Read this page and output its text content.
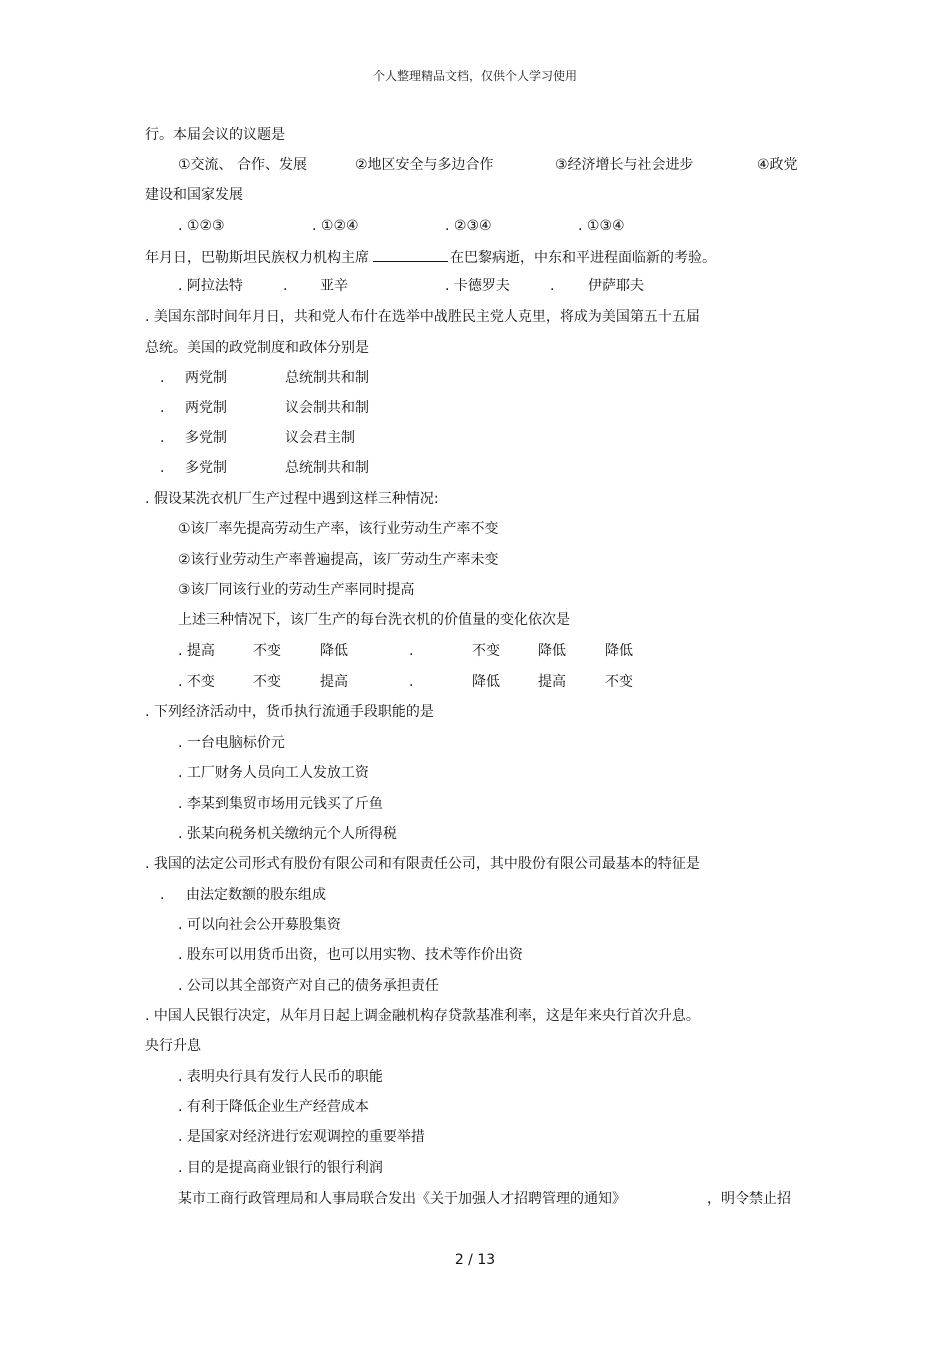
个人整理精品文档，仅供个人学习使用
行。本届会议的议题是
①交流、 合作、发展	②地区安全与多边合作	③经济增长与社会进步	④政党
建设和国家发展
. ①②③	. ①②④	. ②③④	. ①③④
年月日，巴勒斯坦民族权力机构主席	在巴黎病逝，中东和平进程面临新的考验。
. 阿拉法特	. 亚辛	. 卡德罗夫	. 伊萨耶夫
. 美国东部时间年月日，共和党人布什在选举中战胜民主党人克里，将成为美国第五十五届
总统。美国的政党制度和政体分别是
. 两党制	总统制共和制
. 两党制	议会制共和制
. 多党制	议会君主制
. 多党制	总统制共和制
. 假设某洗衣机厂生产过程中遇到这样三种情况:
①该厂率先提高劳动生产率，该行业劳动生产率不变
②该行业劳动生产率普遍提高，该厂劳动生产率未变
③该厂同该行业的劳动生产率同时提高
上述三种情况下，该厂生产的每台洗衣机的价值量的变化依次是
. 提高	不变	降低	.	不变	降低	降低
. 不变	不变	提高	.	降低	提高	不变
. 下列经济活动中，货币执行流通手段职能的是
. 一台电脑标价元
. 工厂财务人员向工人发放工资
. 李某到集贸市场用元钱买了斤鱼
. 张某向税务机关缴纳元个人所得税
. 我国的法定公司形式有股份有限公司和有限责任公司，其中股份有限公司最基本的特征是
. 由法定数额的股东组成
. 可以向社会公开募股集资
. 股东可以用货币出资，也可以用实物、技术等作价出资
. 公司以其全部资产对自己的债务承担责任
. 中国人民银行决定，从年月日起上调金融机构存贷款基准利率，这是年来央行首次升息。
央行升息
. 表明央行具有发行人民币的职能
. 有利于降低企业生产经营成本
. 是国家对经济进行宏观调控的重要举措
. 目的是提高商业银行的银行利润
某市工商行政管理局和人事局联合发出《关于加强人才招聘管理的通知》	，明令禁止招
2 / 13
